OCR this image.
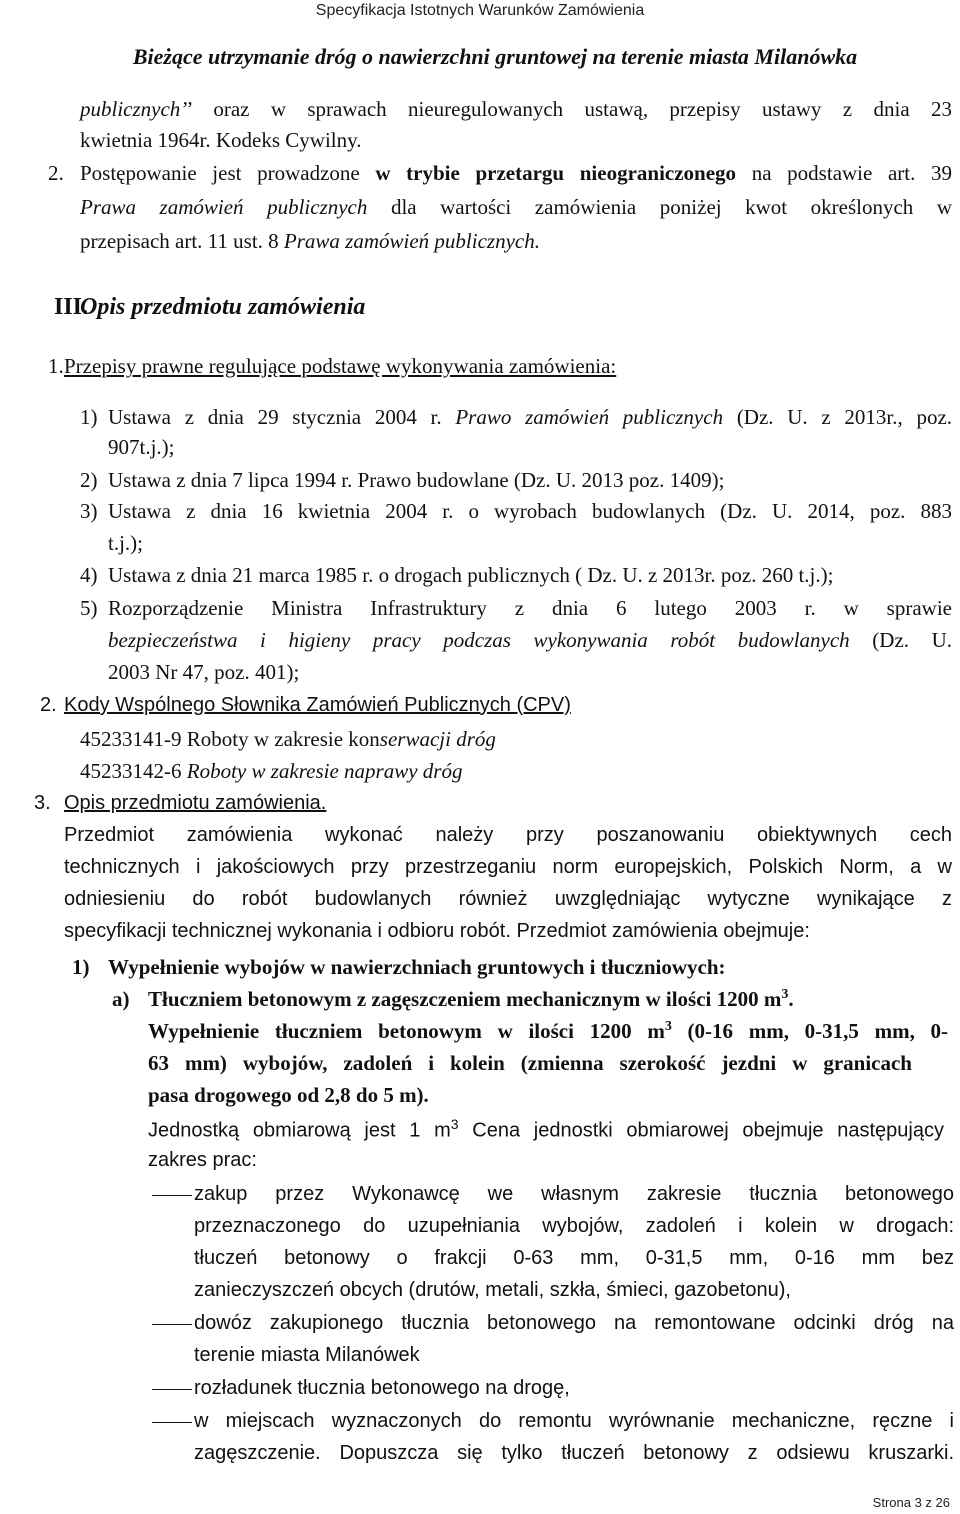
Specyfikacja Istotnych Warunków Zamówienia
Bieżące utrzymanie dróg o nawierzchni gruntowej na terenie miasta Milanówka
publicznych’’ oraz w sprawach nieuregulowanych ustawą, przepisy ustawy z dnia 23
kwietnia 1964r. Kodeks Cywilny.
2. Postępowanie jest prowadzone w trybie przetargu nieograniczonego na podstawie art. 39
Prawa zamówień publicznych dla wartości zamówienia poniżej kwot określonych w
przepisach art. 11 ust. 8 Prawa zamówień publicznych.
III.
Opis przedmiotu zamówienia
1. Przepisy prawne regulujące podstawę wykonywania zamówienia:
1) Ustawa z dnia 29 stycznia 2004 r. Prawo zamówień publicznych (Dz. U. z 2013r., poz.
907t.j.);
2) Ustawa z dnia 7 lipca 1994 r. Prawo budowlane (Dz. U. 2013 poz. 1409);
3) Ustawa z dnia 16 kwietnia 2004 r. o wyrobach budowlanych (Dz. U. 2014, poz. 883
t.j.);
4) Ustawa z dnia 21 marca 1985 r. o drogach publicznych ( Dz. U. z 2013r. poz. 260 t.j.);
5) Rozporządzenie Ministra Infrastruktury z dnia 6 lutego 2003 r. w sprawie
bezpieczeństwa i higieny pracy podczas wykonywania robót budowlanych (Dz. U.
2003 Nr 47, poz. 401);
2. Kody Wspólnego Słownika Zamówień Publicznych (CPV)
45233141-9 Roboty w zakresie konserwacji dróg
45233142-6 Roboty w zakresie naprawy dróg
3. Opis przedmiotu zamówienia.
Przedmiot zamówienia wykonać należy przy poszanowaniu obiektywnych cech
technicznych i jakościowych przy przestrzeganiu norm europejskich, Polskich Norm, a w
odniesieniu do robót budowlanych również uwzględniając wytyczne wynikające z
specyfikacji technicznej wykonania i odbioru robót. Przedmiot zamówienia obejmuje:
1) Wypełnienie wybojów w nawierzchniach gruntowych i tłuczniowych:
a) Tłuczniem betonowym z zagęszczeniem mechanicznym w ilości 1200 $m^3$.
Wypełnienie tłuczniem betonowym w ilości 1200 $m^3$ (0-16 mm, 0-31,5 mm, 0-
63 mm) wybojów, zadoleń i kolein (zmienna szerokość jezdni w granicach
pasa drogowego od 2,8 do 5 m).
Jednostką obmiarową jest 1 $m^3$ Cena jednostki obmiarowej obejmuje następujący
zakres prac:
zakup przez Wykonawcę we własnym zakresie tłucznia betonowego
przeznaczonego do uzupełniania wybojów, zadoleń i kolein w drogach:
tłuczeń betonowy o frakcji 0-63 mm, 0-31,5 mm, 0-16 mm bez
zanieczyszczeń obcych (drutów, metali, szkła, śmieci, gazobetonu),
dowóz zakupionego tłucznia betonowego na remontowane odcinki dróg na
terenie miasta Milanówek
rozładunek tłucznia betonowego na drogę,
w miejscach wyznaczonych do remontu wyrównanie mechaniczne, ręczne i
zagęszczenie. Dopuszcza się tylko tłuczeń betonowy z odsiewu kruszarki.
Strona 3 z 26
